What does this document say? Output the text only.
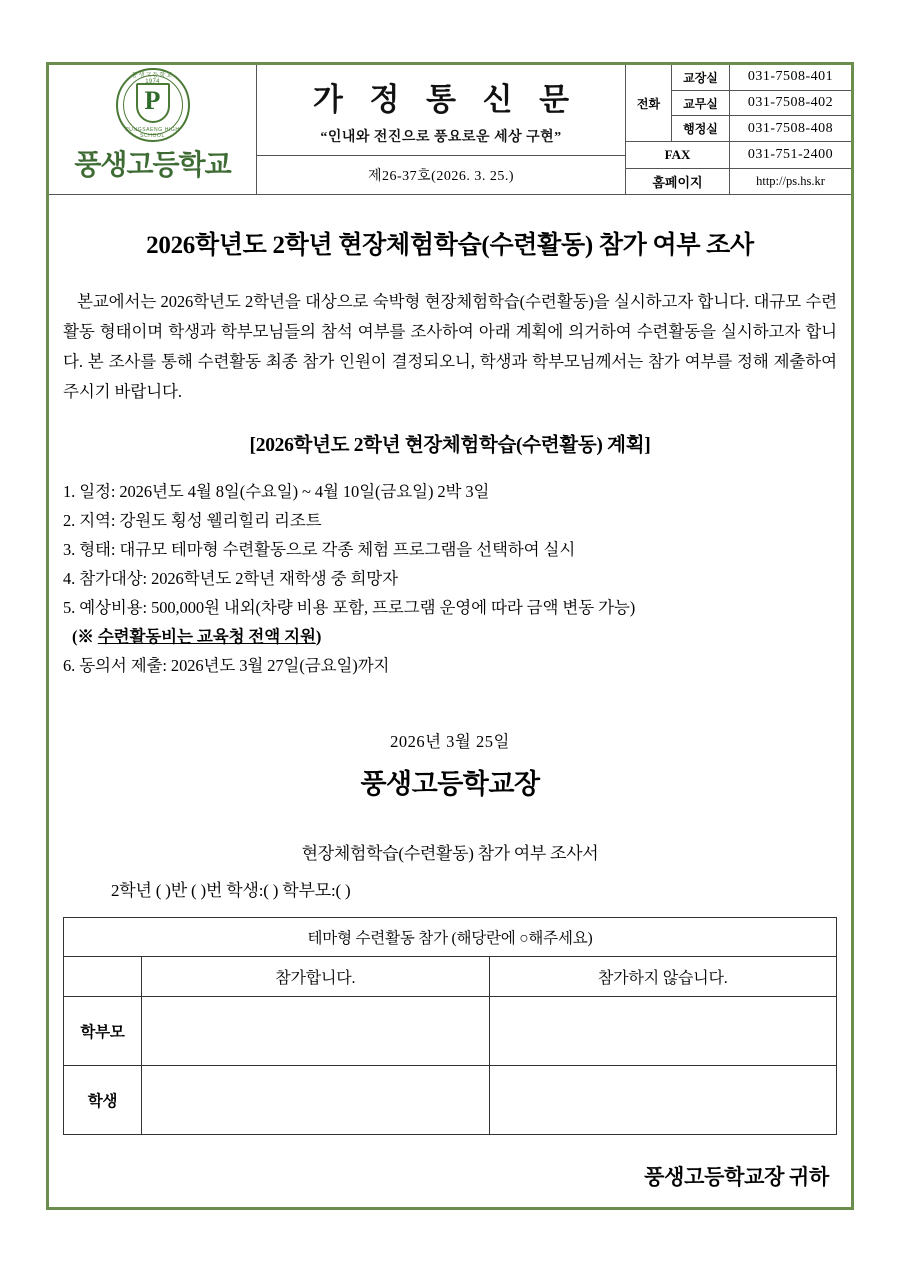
풍생고등학교
1974
P
PUNGSAENG HIGH SCHOOL
풍생고등학교
가 정 통 신 문
“인내와 전진으로 풍요로운 세상 구현”
제26-37호(2026. 3. 25.)
전화
교장실	031-7508-401
교무실	031-7508-402
행정실	031-7508-408
FAX	031-751-2400
홈페이지	http://ps.hs.kr
2026학년도 2학년 현장체험학습(수련활동) 참가 여부 조사
본교에서는 2026학년도 2학년을 대상으로 숙박형 현장체험학습(수련활동)을 실시하고자 합니다. 대규모 수련활동 형태이며 학생과 학부모님들의 참석 여부를 조사하여 아래 계획에 의거하여 수련활동을 실시하고자 합니다. 본 조사를 통해 수련활동 최종 참가 인원이 결정되오니, 학생과 학부모님께서는 참가 여부를 정해 제출하여 주시기 바랍니다.
[2026학년도 2학년 현장체험학습(수련활동) 계획]
1. 일정: 2026년도 4월 8일(수요일) ~ 4월 10일(금요일) 2박 3일
2. 지역: 강원도 횡성 웰리힐리 리조트
3. 형태: 대규모 테마형 수련활동으로 각종 체험 프로그램을 선택하여 실시
4. 참가대상: 2026학년도 2학년 재학생 중 희망자
5. 예상비용: 500,000원 내외(차량 비용 포함, 프로그램 운영에 따라 금액 변동 가능)
(※ 수련활동비는 교육청 전액 지원)
6. 동의서 제출: 2026년도 3월 27일(금요일)까지
2026년 3월 25일
풍생고등학교장
현장체험학습(수련활동) 참가 여부 조사서
2학년 ( )반 ( )번 학생:( ) 학부모:( )
테마형 수련활동 참가 (해당란에 ○해주세요)		
	참가합니다.	참가하지 않습니다.
학부모		
학생		
풍생고등학교장 귀하
